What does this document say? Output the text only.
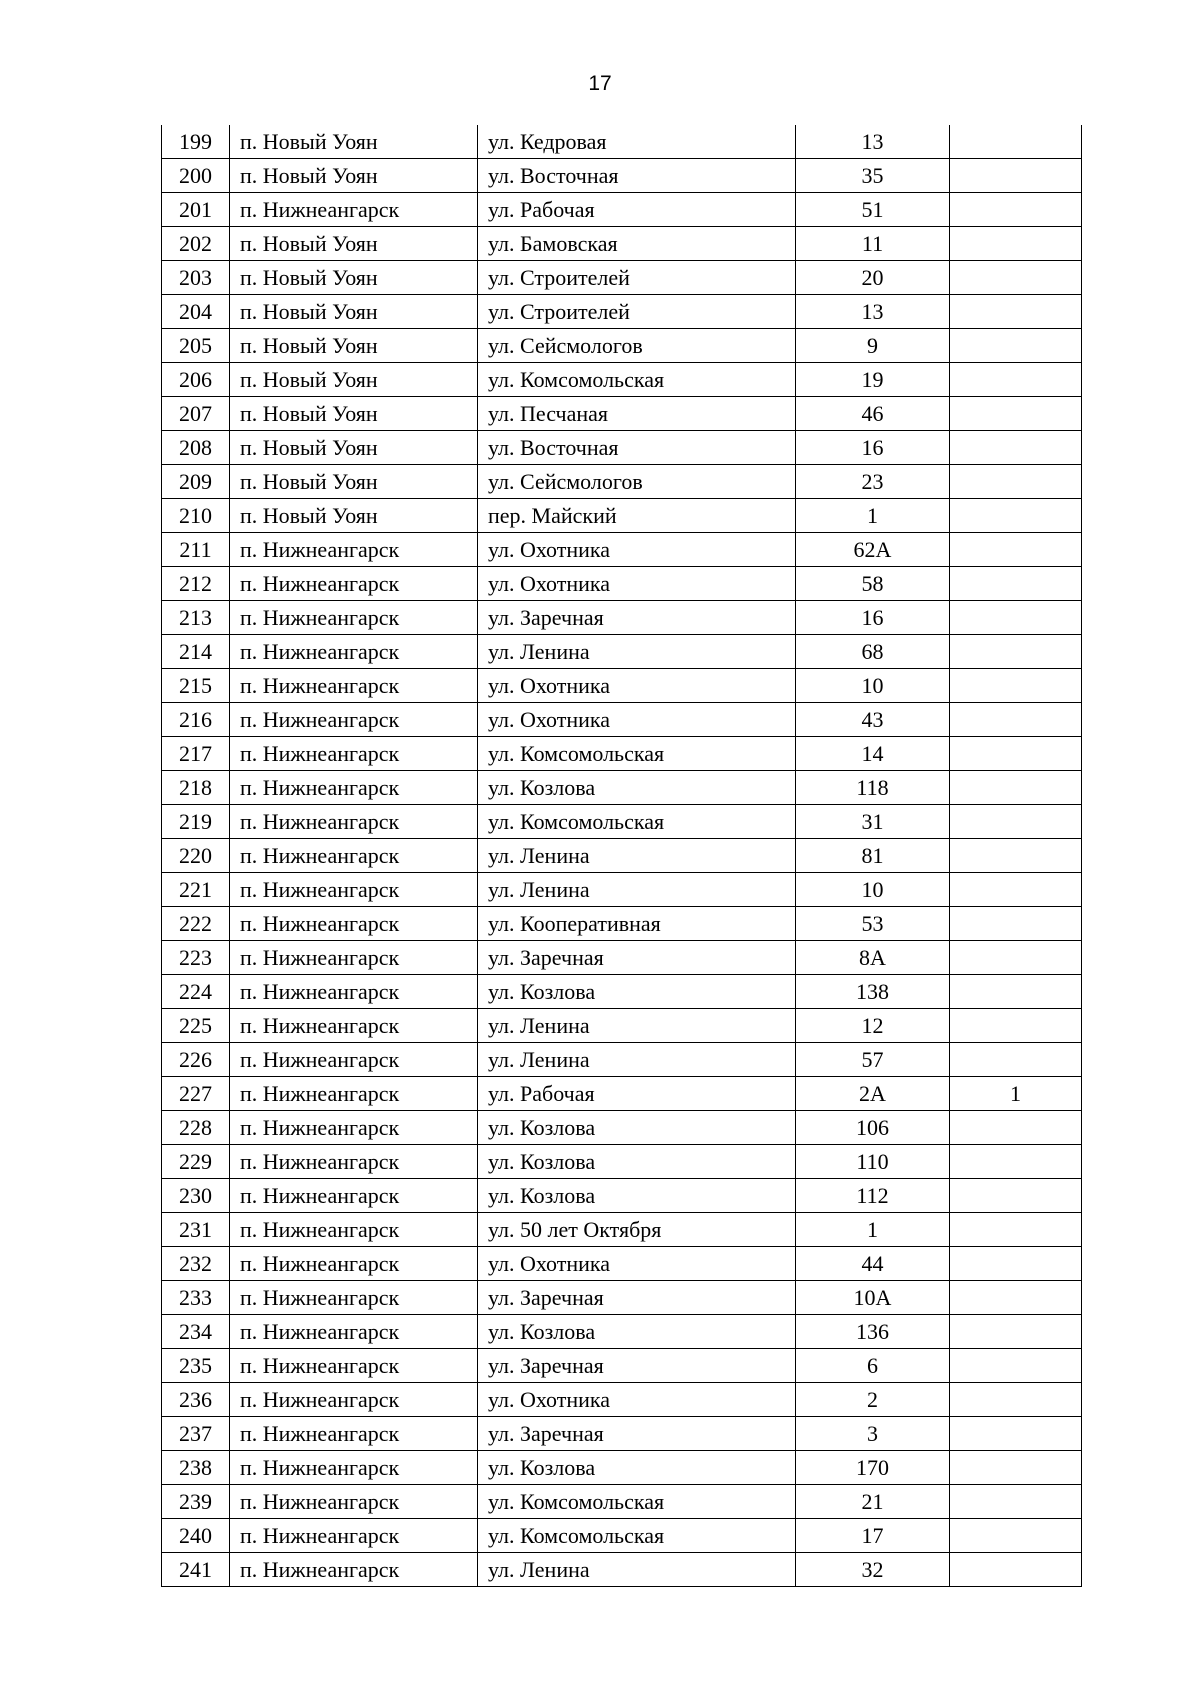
17
199	п. Новый Уоян	ул. Кедровая	13	
200	п. Новый Уоян	ул. Восточная	35	
201	п. Нижнеангарск	ул. Рабочая	51	
202	п. Новый Уоян	ул. Бамовская	11	
203	п. Новый Уоян	ул. Строителей	20	
204	п. Новый Уоян	ул. Строителей	13	
205	п. Новый Уоян	ул. Сейсмологов	9	
206	п. Новый Уоян	ул. Комсомольская	19	
207	п. Новый Уоян	ул. Песчаная	46	
208	п. Новый Уоян	ул. Восточная	16	
209	п. Новый Уоян	ул. Сейсмологов	23	
210	п. Новый Уоян	пер. Майский	1	
211	п. Нижнеангарск	ул. Охотника	62А	
212	п. Нижнеангарск	ул. Охотника	58	
213	п. Нижнеангарск	ул. Заречная	16	
214	п. Нижнеангарск	ул. Ленина	68	
215	п. Нижнеангарск	ул. Охотника	10	
216	п. Нижнеангарск	ул. Охотника	43	
217	п. Нижнеангарск	ул. Комсомольская	14	
218	п. Нижнеангарск	ул. Козлова	118	
219	п. Нижнеангарск	ул. Комсомольская	31	
220	п. Нижнеангарск	ул. Ленина	81	
221	п. Нижнеангарск	ул. Ленина	10	
222	п. Нижнеангарск	ул. Кооперативная	53	
223	п. Нижнеангарск	ул. Заречная	8А	
224	п. Нижнеангарск	ул. Козлова	138	
225	п. Нижнеангарск	ул. Ленина	12	
226	п. Нижнеангарск	ул. Ленина	57	
227	п. Нижнеангарск	ул. Рабочая	2А	1
228	п. Нижнеангарск	ул. Козлова	106	
229	п. Нижнеангарск	ул. Козлова	110	
230	п. Нижнеангарск	ул. Козлова	112	
231	п. Нижнеангарск	ул. 50 лет Октября	1	
232	п. Нижнеангарск	ул. Охотника	44	
233	п. Нижнеангарск	ул. Заречная	10А	
234	п. Нижнеангарск	ул. Козлова	136	
235	п. Нижнеангарск	ул. Заречная	6	
236	п. Нижнеангарск	ул. Охотника	2	
237	п. Нижнеангарск	ул. Заречная	3	
238	п. Нижнеангарск	ул. Козлова	170	
239	п. Нижнеангарск	ул. Комсомольская	21	
240	п. Нижнеангарск	ул. Комсомольская	17	
241	п. Нижнеангарск	ул. Ленина	32	
